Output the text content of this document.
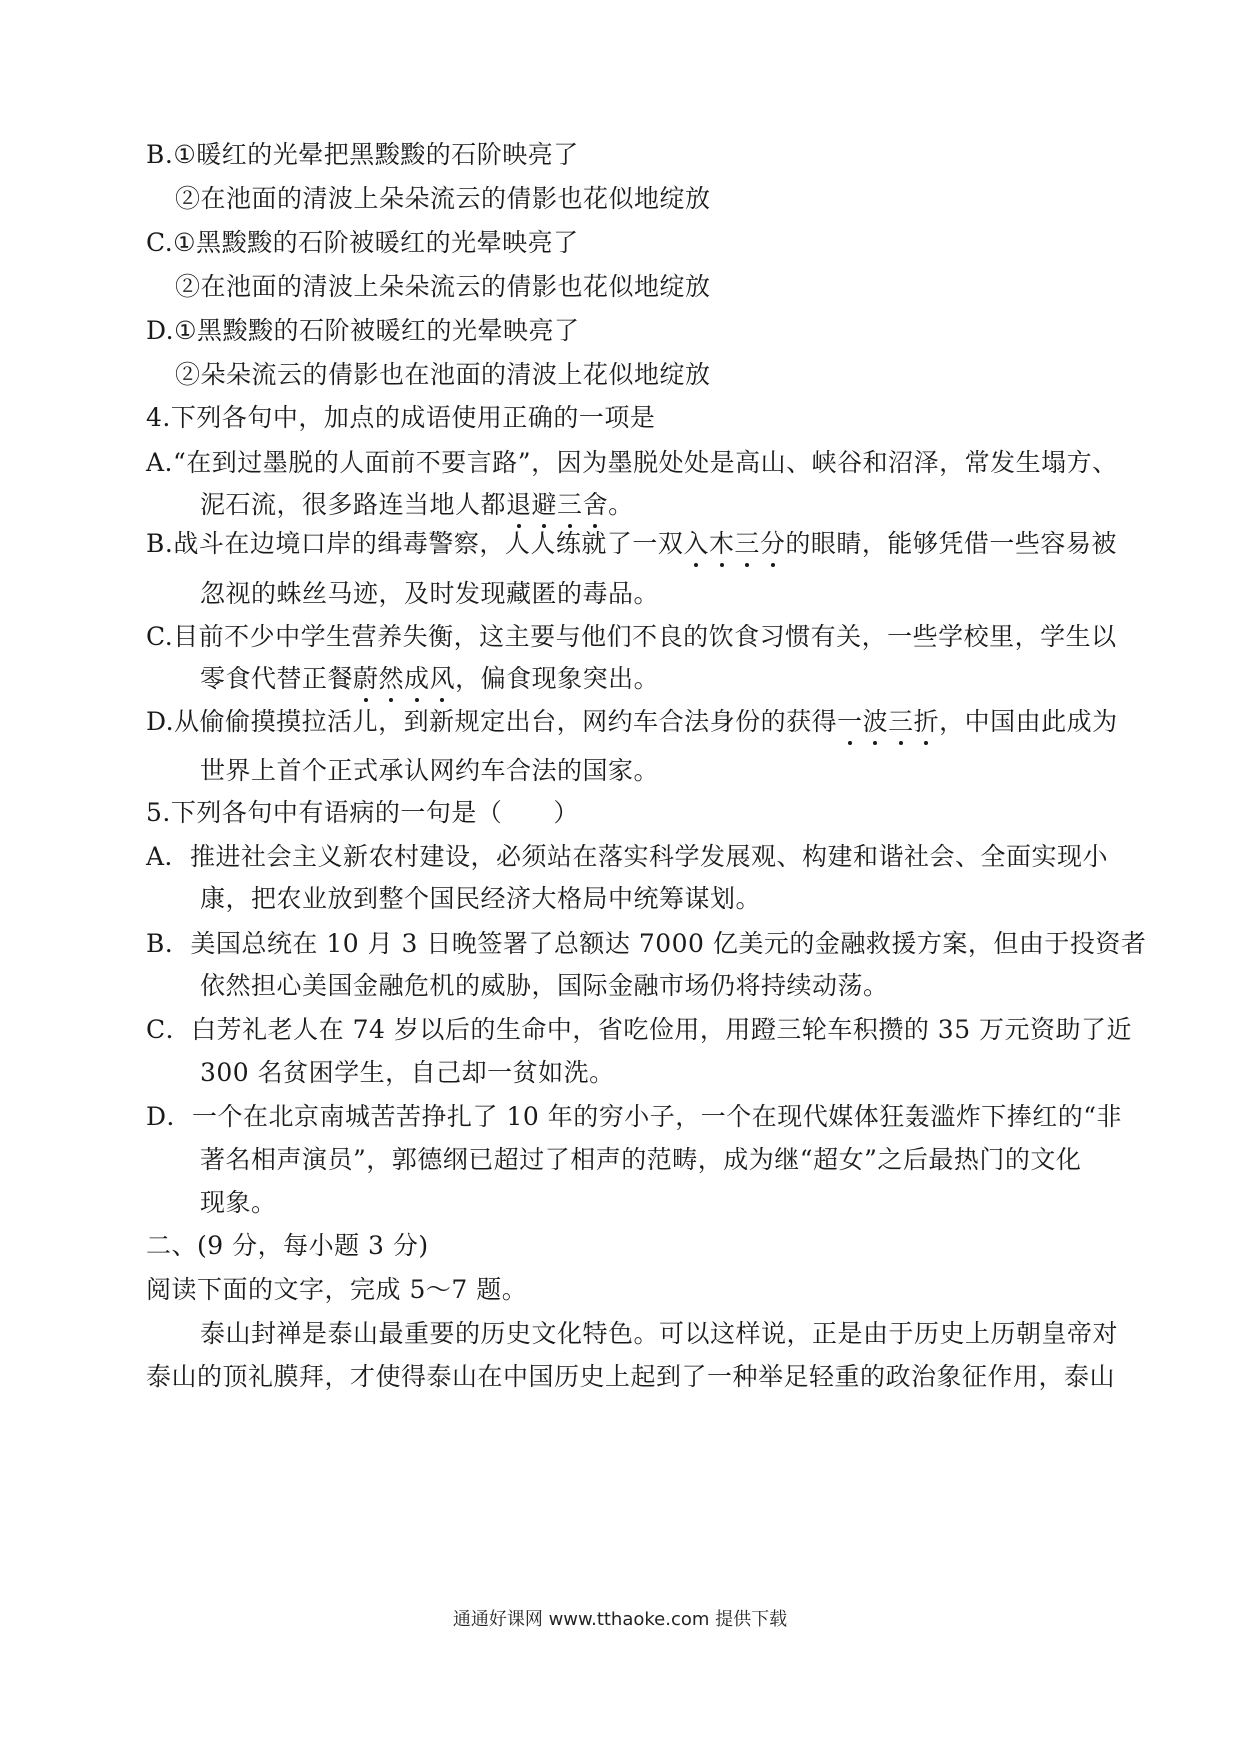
B.①暖红的光晕把黑黢黢的石阶映亮了
②在池面的清波上朵朵流云的倩影也花似地绽放
C.①黑黢黢的石阶被暖红的光晕映亮了
②在池面的清波上朵朵流云的倩影也花似地绽放
D.①黑黢黢的石阶被暖红的光晕映亮了
②朵朵流云的倩影也在池面的清波上花似地绽放
4.下列各句中，加点的成语使用正确的一项是
A.“在到过墨脱的人面前不要言路”，因为墨脱处处是高山、峡谷和沼泽，常发生塌方、
泥石流，很多路连当地人都退避三舍。
B.战斗在边境口岸的缉毒警察，人人练就了一双入木三分的眼睛，能够凭借一些容易被
忽视的蛛丝马迹，及时发现藏匿的毒品。
C.目前不少中学生营养失衡，这主要与他们不良的饮食习惯有关，一些学校里，学生以
零食代替正餐蔚然成风，偏食现象突出。
D.从偷偷摸摸拉活儿，到新规定出台，网约车合法身份的获得一波三折，中国由此成为
世界上首个正式承认网约车合法的国家。
5.下列各句中有语病的一句是（　　）
A．推进社会主义新农村建设，必须站在落实科学发展观、构建和谐社会、全面实现小
康，把农业放到整个国民经济大格局中统筹谋划。
B．美国总统在 10 月 3 日晚签署了总额达 7000 亿美元的金融救援方案，但由于投资者
依然担心美国金融危机的威胁，国际金融市场仍将持续动荡。
C．白芳礼老人在 74 岁以后的生命中，省吃俭用，用蹬三轮车积攒的 35 万元资助了近
300 名贫困学生，自己却一贫如洗。
D．一个在北京南城苦苦挣扎了 10 年的穷小子，一个在现代媒体狂轰滥炸下捧红的“非
著名相声演员”，郭德纲已超过了相声的范畴，成为继“超女”之后最热门的文化
现象。
二、(9 分，每小题 3 分)
阅读下面的文字，完成 5～7 题。
泰山封禅是泰山最重要的历史文化特色。可以这样说，正是由于历史上历朝皇帝对
泰山的顶礼膜拜，才使得泰山在中国历史上起到了一种举足轻重的政治象征作用，泰山
通通好课网 www.tthaoke.com 提供下载
